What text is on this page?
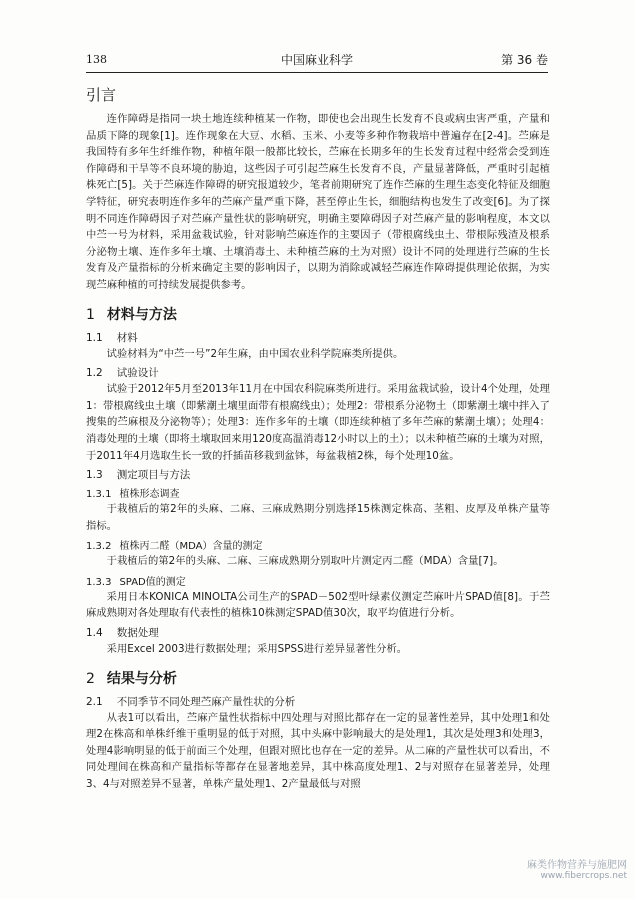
138	中国麻业科学	第 36 卷
引言

连作障碍是指同一块土地连续种植某一作物，即使也会出现生长发育不良或病虫害严重，产量和品质下降的现象[1]。连作现象在大豆、水稻、玉米、小麦等多种作物栽培中普遍存在[2-4]。苎麻是我国特有多年生纤维作物，种植年限一般都比较长，苎麻在长期多年的生长发育过程中经常会受到连作障碍和干旱等不良环境的胁迫，这些因子可引起苎麻生长发育不良，产量显著降低，严重时引起植株死亡[5]。关于苎麻连作障碍的研究报道较少，笔者前期研究了连作苎麻的生理生态变化特征及细胞学特征，研究表明连作多年的苎麻产量严重下降，甚至停止生长，细胞结构也发生了改变[6]。为了探明不同连作障碍因子对苎麻产量性状的影响研究，明确主要障碍因子对苎麻产量的影响程度，本文以中苎一号为材料，采用盆栽试验，针对影响苎麻连作的主要因子（带根腐线虫土、带根际残渣及根系分泌物土壤、连作多年土壤、土壤消毒土、未种植苎麻的土为对照）设计不同的处理进行苎麻的生长发育及产量指标的分析来确定主要的影响因子，以期为消除或减轻苎麻连作障碍提供理论依据，为实现苎麻种植的可持续发展提供参考。

1 材料与方法
1.1 材料

试验材料为“中苎一号”2年生麻，由中国农业科学院麻类所提供。

1.2 试验设计

试验于2012年5月至2013年11月在中国农科院麻类所进行。采用盆栽试验，设计4个处理，处理1：带根腐线虫土壤（即紫潮土壤里面带有根腐线虫）；处理2：带根系分泌物土（即紫潮土壤中拌入了搜集的苎麻根及分泌物等）；处理3：连作多年的土壤（即连续种植了多年苎麻的紫潮土壤）；处理4：消毒处理的土壤（即将土壤取回来用120度高温消毒12小时以上的土）；以未种植苎麻的土壤为对照，于2011年4月选取生长一致的扦插苗移栽到盆钵，每盆栽植2株，每个处理10盆。

1.3 测定项目与方法
1.3.1 植株形态调查

于栽植后的第2年的头麻、二麻、三麻成熟期分别选择15株测定株高、茎粗、皮厚及单株产量等指标。

1.3.2 植株丙二醛（MDA）含量的测定

于栽植后的第2年的头麻、二麻、三麻成熟期分别取叶片测定丙二醛（MDA）含量[7]。

1.3.3 SPAD值的测定

采用日本KONICA MINOLTA公司生产的SPAD－502型叶绿素仪测定苎麻叶片SPAD值[8]。于苎麻成熟期对各处理取有代表性的植株10株测定SPAD值30次，取平均值进行分析。

1.4 数据处理

采用Excel 2003进行数据处理；采用SPSS进行差异显著性分析。

2 结果与分析
2.1 不同季节不同处理苎麻产量性状的分析

从表1可以看出，苎麻产量性状指标中四处理与对照比都存在一定的显著性差异，其中处理1和处理2在株高和单株纤维干重明显的低于对照，其中头麻中影响最大的是处理1，其次是处理3和处理3，处理4影响明显的低于前面三个处理，但跟对照比也存在一定的差异。从二麻的产量性状可以看出，不同处理间在株高和产量指标等都存在显著地差异，其中株高度处理1、2与对照存在显著差异，处理3、4与对照差异不显著，单株产量处理1、2产量最低与对照

麻类作物营养与施肥网
www.fibercrops.net
